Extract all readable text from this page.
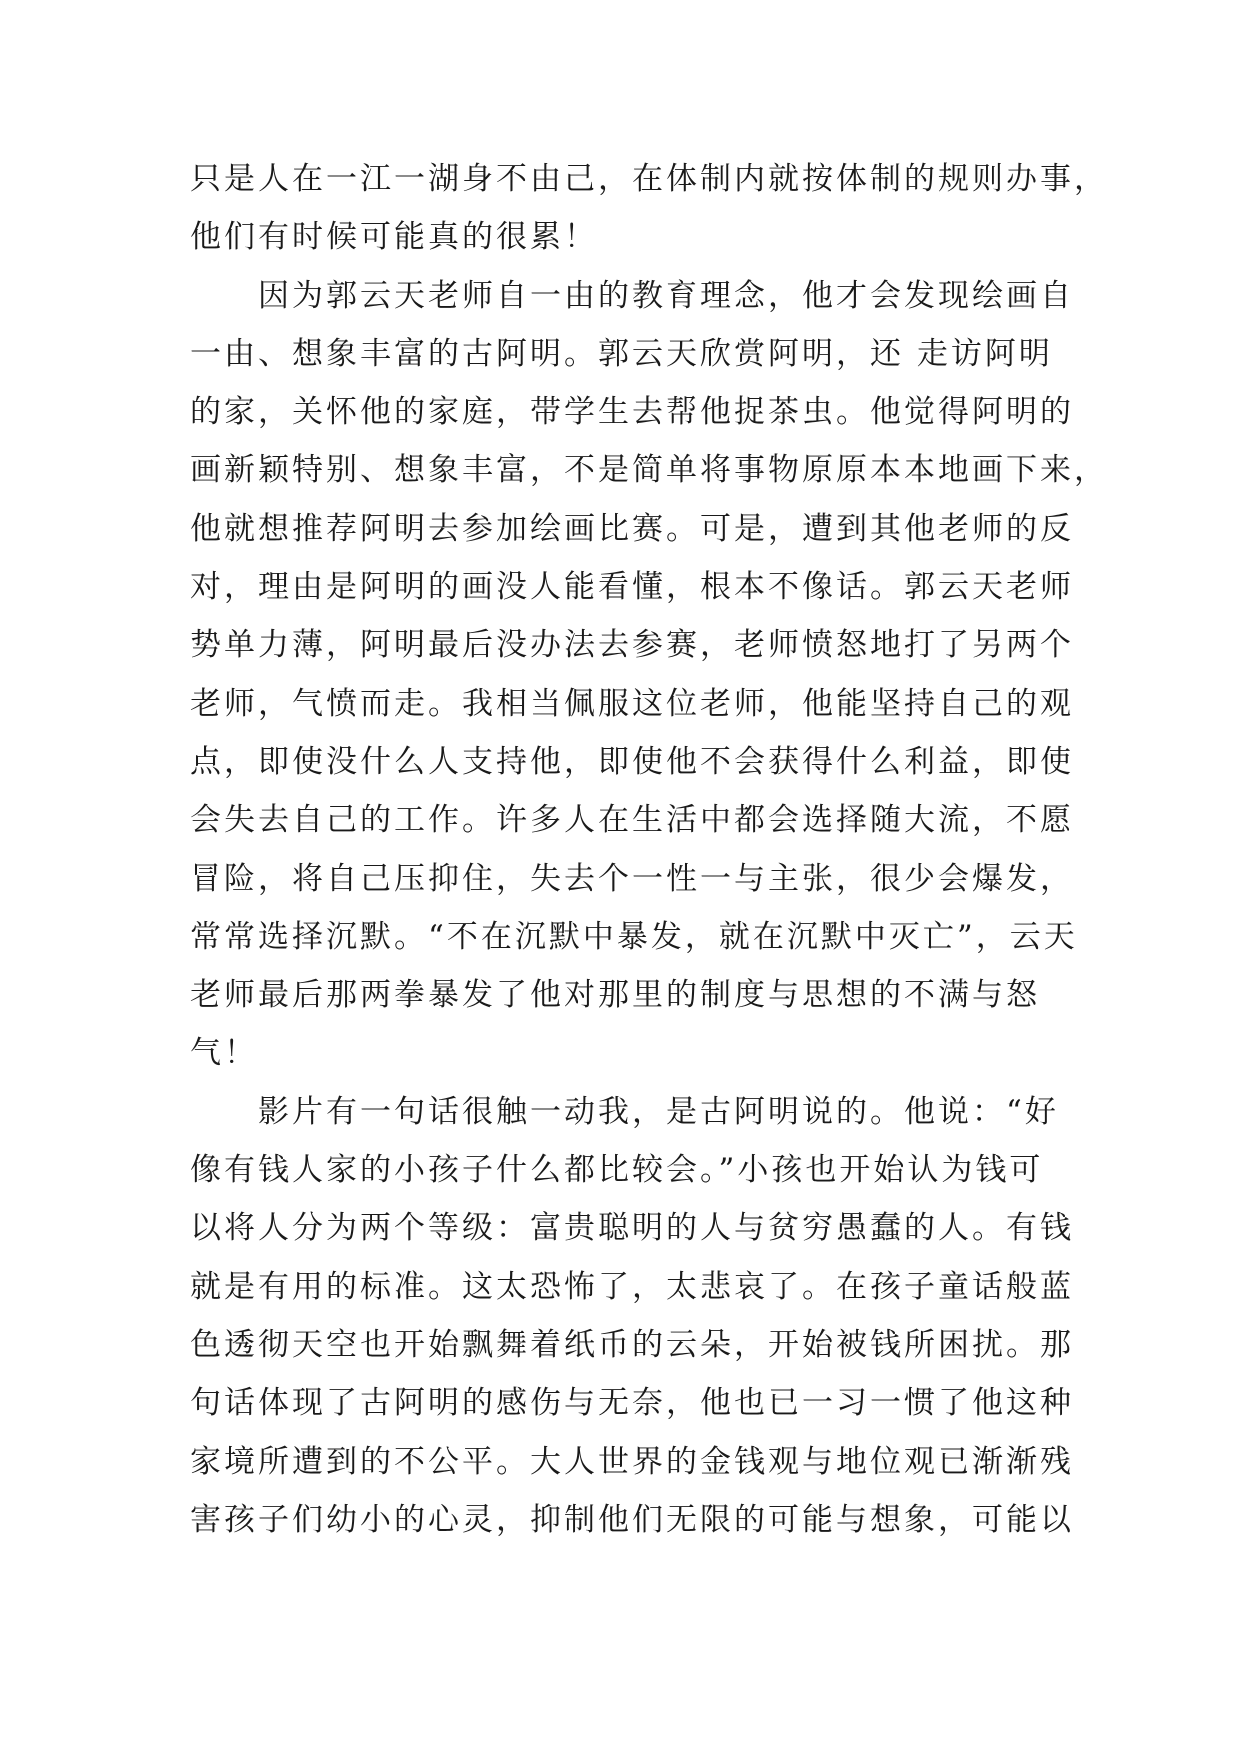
只是人在一江一湖身不由己，在体制内就按体制的规则办事，
他们有时候可能真的很累！
因为郭云天老师自一由的教育理念，他才会发现绘画自
一由、想象丰富的古阿明。郭云天欣赏阿明，还 走访阿明
的家，关怀他的家庭，带学生去帮他捉茶虫。他觉得阿明的
画新颖特别、想象丰富，不是简单将事物原原本本地画下来，
他就想推荐阿明去参加绘画比赛。可是，遭到其他老师的反
对，理由是阿明的画没人能看懂，根本不像话。郭云天老师
势单力薄，阿明最后没办法去参赛，老师愤怒地打了另两个
老师，气愤而走。我相当佩服这位老师，他能坚持自己的观
点，即使没什么人支持他，即使他不会获得什么利益，即使
会失去自己的工作。许多人在生活中都会选择随大流，不愿
冒险，将自己压抑住，失去个一性一与主张，很少会爆发，
常常选择沉默。“不在沉默中暴发，就在沉默中灭亡”，云天
老师最后那两拳暴发了他对那里的制度与思想的不满与怒
气！
影片有一句话很触一动我，是古阿明说的。他说：“好
像有钱人家的小孩子什么都比较会。”小孩也开始认为钱可
以将人分为两个等级：富贵聪明的人与贫穷愚蠢的人。有钱
就是有用的标准。这太恐怖了，太悲哀了。在孩子童话般蓝
色透彻天空也开始飘舞着纸币的云朵，开始被钱所困扰。那
句话体现了古阿明的感伤与无奈，他也已一习一惯了他这种
家境所遭到的不公平。大人世界的金钱观与地位观已渐渐残
害孩子们幼小的心灵，抑制他们无限的可能与想象，可能以
